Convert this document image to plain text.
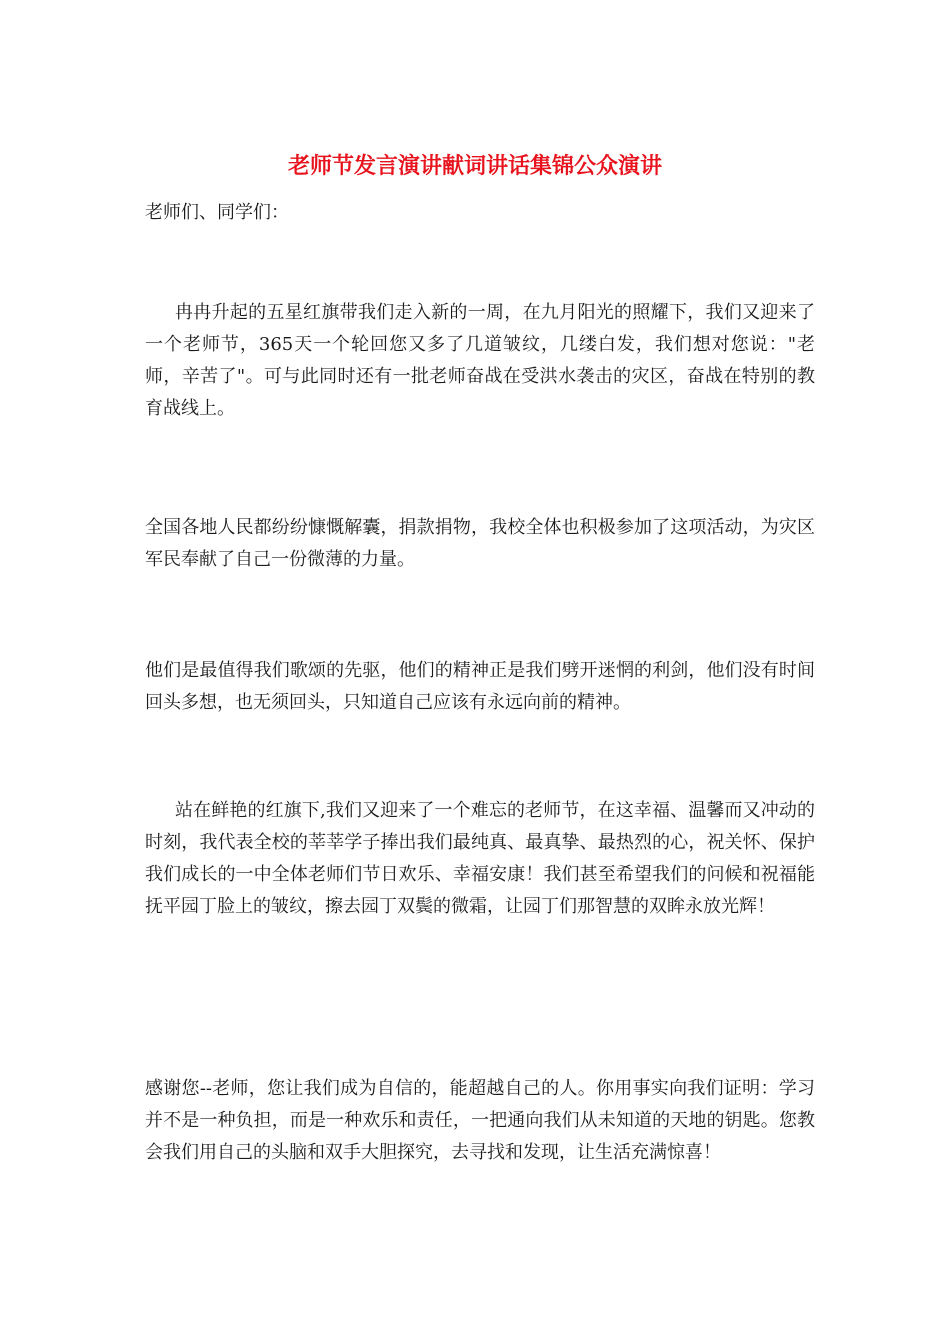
老师节发言演讲献词讲话集锦公众演讲

老师们、同学们：

冉冉升起的五星红旗带我们走入新的一周，在九月阳光的照耀下，我们又迎来了一个老师节，365天一个轮回您又多了几道皱纹，几缕白发，我们想对您说："老师，辛苦了"。可与此同时还有一批老师奋战在受洪水袭击的灾区，奋战在特别的教育战线上。

全国各地人民都纷纷慷慨解囊，捐款捐物，我校全体也积极参加了这项活动，为灾区军民奉献了自己一份微薄的力量。

他们是最值得我们歌颂的先驱，他们的精神正是我们劈开迷惘的利剑，他们没有时间回头多想，也无须回头，只知道自己应该有永远向前的精神。

站在鲜艳的红旗下,我们又迎来了一个难忘的老师节，在这幸福、温馨而又冲动的时刻，我代表全校的莘莘学子捧出我们最纯真、最真挚、最热烈的心，祝关怀、保护我们成长的一中全体老师们节日欢乐、幸福安康！我们甚至希望我们的问候和祝福能抚平园丁脸上的皱纹，擦去园丁双鬓的微霜，让园丁们那智慧的双眸永放光辉！

感谢您--老师，您让我们成为自信的，能超越自己的人。你用事实向我们证明：学习并不是一种负担，而是一种欢乐和责任，一把通向我们从未知道的天地的钥匙。您教会我们用自己的头脑和双手大胆探究，去寻找和发现，让生活充满惊喜！
